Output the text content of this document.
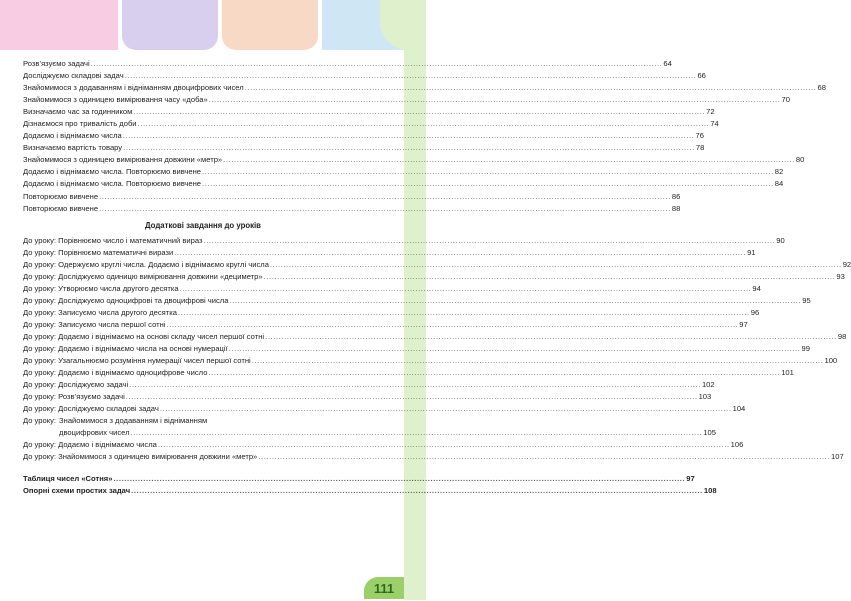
Розв’язуємо задачі .....	64
Досліджуємо складові задач .....	66
Знайомимося з додаванням і відніманням двоцифрових чисел .....	68
Знайомимося з одиницею вимірювання часу «доба» .....	70
Визначаємо час за годинником .....	72
Дізнаємося про тривалість доби .....	74
Додаємо і віднімаємо числа .....	76
Визначаємо вартість товару .....	78
Знайомимося з одиницею вимірювання довжини «метр» .....	80
Додаємо і віднімаємо числа. Повторюємо вивчене .....	82
Додаємо і віднімаємо числа. Повторюємо вивчене .....	84
Повторюємо вивчене .....	86
Повторюємо вивчене .....	88
Додаткові завдання до уроків
До уроку: Порівнюємо число і математичний вираз .....	90
До уроку: Порівнюємо математичні вирази .....	91
До уроку: Одержуємо круглі числа. Додаємо і віднімаємо круглі числа .....	92
До уроку: Досліджуємо одиницю вимірювання довжини «дециметр» .....	93
До уроку: Утворюємо числа другого десятка .....	94
До уроку: Досліджуємо одноцифрові та двоцифрові числа .....	95
До уроку: Записуємо числа другого десятка .....	96
До уроку: Записуємо числа першої сотні .....	97
До уроку: Додаємо і віднімаємо на основі складу чисел першої сотні .....	98
До уроку: Додаємо і віднімаємо числа на основі нумерації .....	99
До уроку: Узагальнюємо розуміння нумерації чисел першої сотні .....	100
До уроку: Додаємо і віднімаємо одноцифрове число .....	101
До уроку: Досліджуємо задачі .....	102
До уроку: Розв’язуємо задачі .....	103
До уроку: Досліджуємо складові задач .....	104
До уроку: Знайомимося з додаванням і відніманням
двоцифрових чисел .....	105
До уроку: Додаємо і віднімаємо числа .....	106
До уроку: Знайомимося з одиницею вимірювання довжини «метр» .....	107
Таблиця чисел «Сотня» .....	97
Опорні схеми простих задач .....	108
111
